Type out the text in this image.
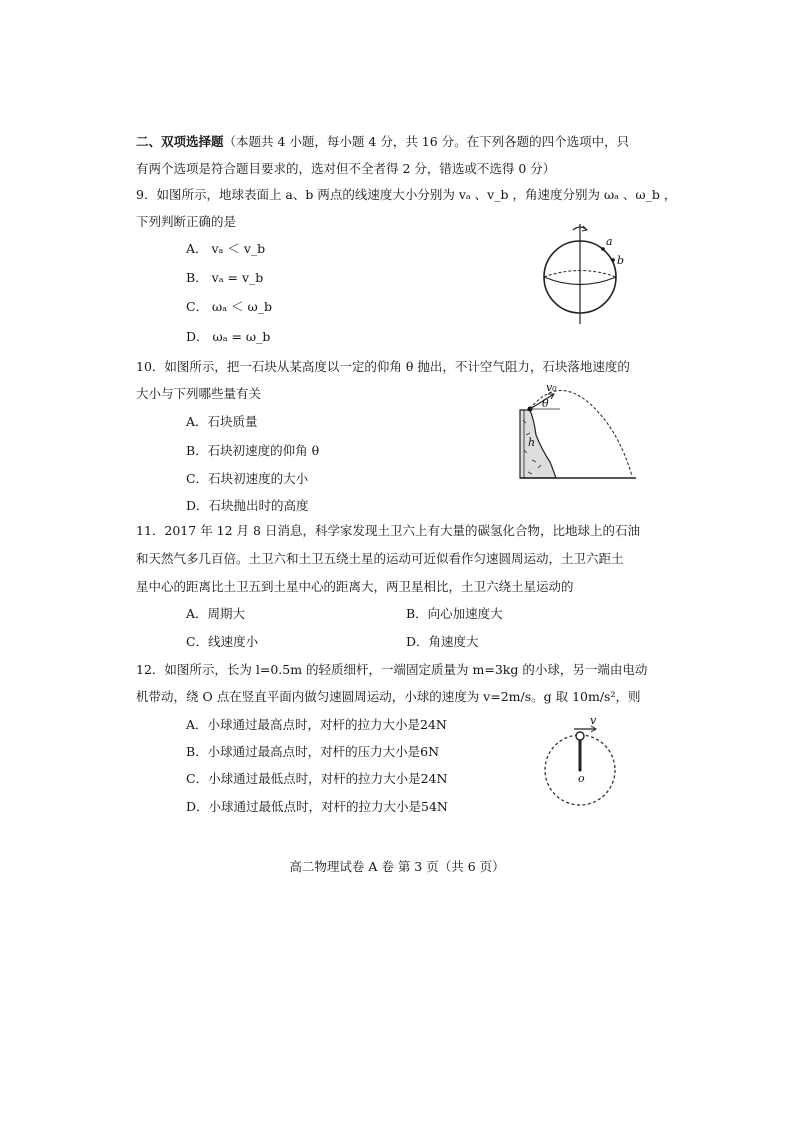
二、双项选择题（本题共 4 小题，每小题 4 分，共 16 分。在下列各题的四个选项中，只
有两个选项是符合题目要求的，选对但不全者得 2 分，错选或不选得 0 分）
9．如图所示，地球表面上 a、b 两点的线速度大小分别为 vₐ 、v_b ，角速度分别为 ωₐ 、ω_b ，
下列判断正确的是
A． vₐ ＜ v_b
B． vₐ = v_b
C． ωₐ ＜ ω_b
D． ωₐ = ω_b
a
b
10．如图所示，把一石块从某高度以一定的仰角 θ 抛出，不计空气阻力，石块落地速度的
大小与下列哪些量有关
A．石块质量
B．石块初速度的仰角 θ
C．石块初速度的大小
D．石块抛出时的高度
v₀
θ
h
11．2017 年 12 月 8 日消息，科学家发现土卫六上有大量的碳氢化合物，比地球上的石油
和天然气多几百倍。土卫六和土卫五绕土星的运动可近似看作匀速圆周运动，土卫六距土
星中心的距离比土卫五到土星中心的距离大，两卫星相比，土卫六绕土星运动的
A．周期大	B．向心加速度大
C．线速度小	D．角速度大
12．如图所示，长为 l=0.5m 的轻质细杆，一端固定质量为 m=3kg 的小球，另一端由电动
机带动，绕 O 点在竖直平面内做匀速圆周运动，小球的速度为 v=2m/s。g 取 10m/s²，则
A．小球通过最高点时，对杆的拉力大小是24N
B．小球通过最高点时，对杆的压力大小是6N
C．小球通过最低点时，对杆的拉力大小是24N
D．小球通过最低点时，对杆的拉力大小是54N
v
o
高二物理试卷 A 卷 第 3 页（共 6 页）
